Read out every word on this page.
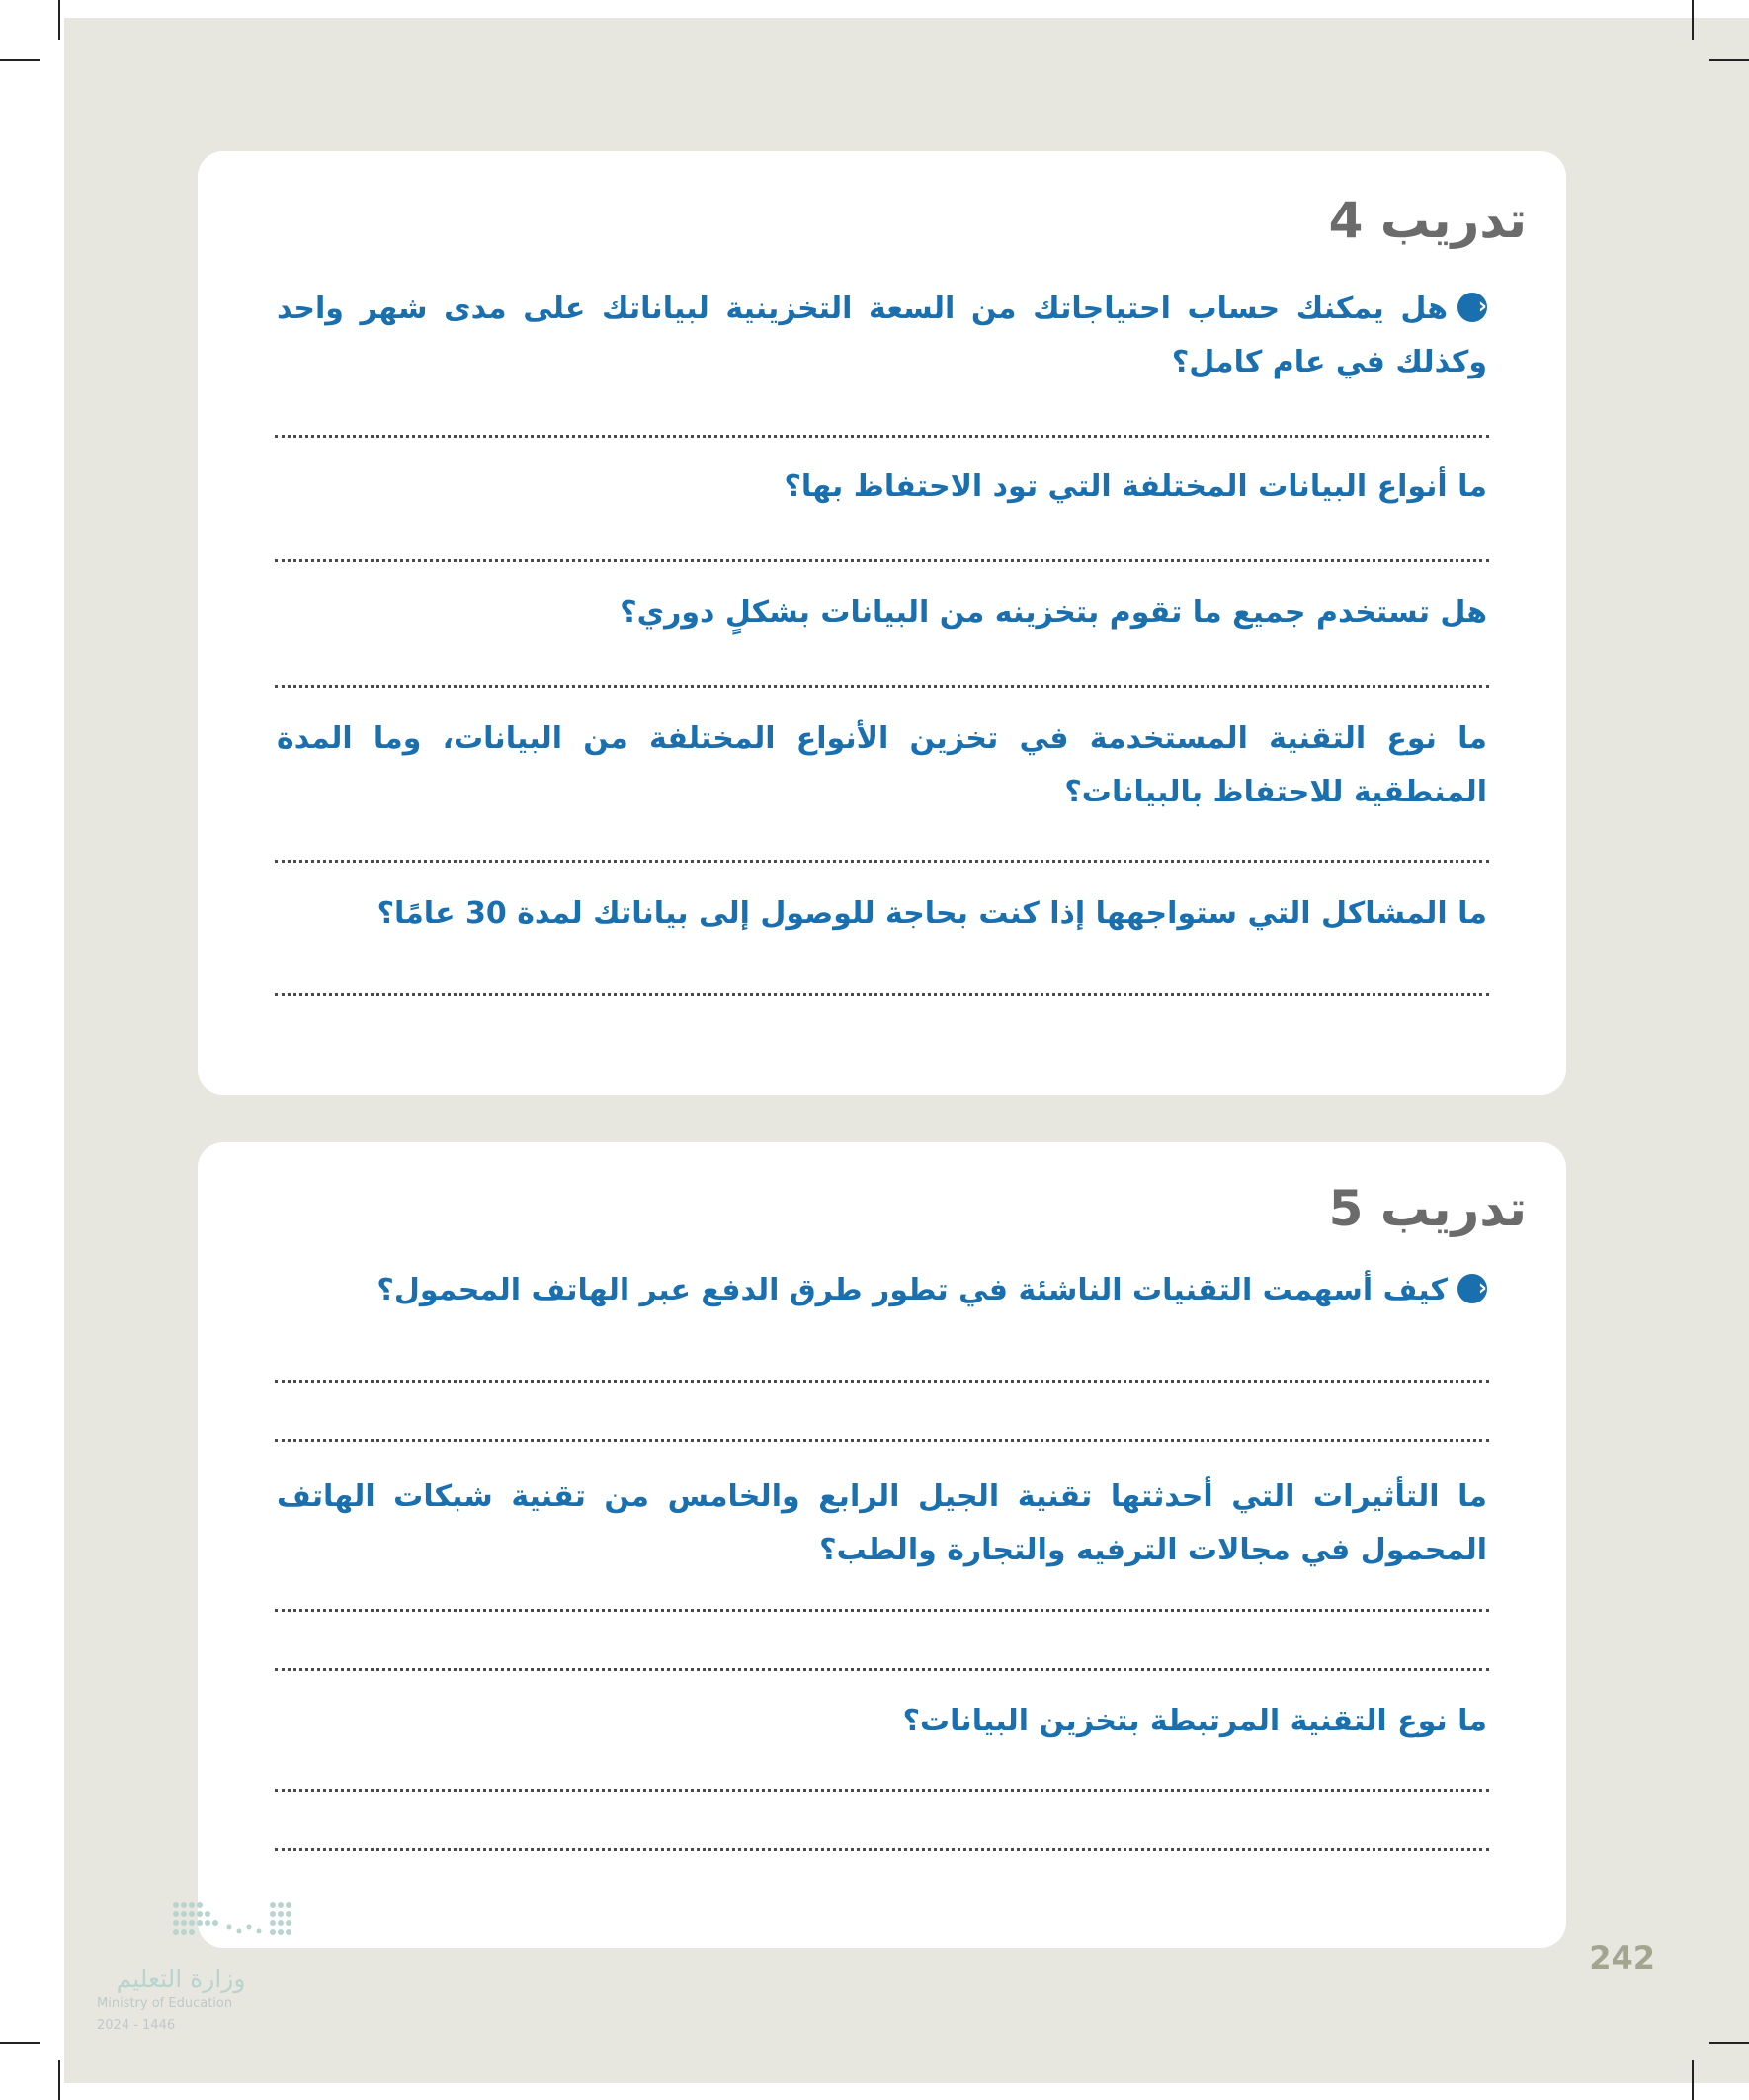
تدريب 4

‹هل يمكنك حساب احتياجاتك من السعة التخزينية لبياناتك على مدى شهر واحد وكذلك في عام كامل؟

ما أنواع البيانات المختلفة التي تود الاحتفاظ بها؟

هل تستخدم جميع ما تقوم بتخزينه من البيانات بشكلٍ دوري؟

ما نوع التقنية المستخدمة في تخزين الأنواع المختلفة من البيانات، وما المدة المنطقية للاحتفاظ بالبيانات؟

ما المشاكل التي ستواجهها إذا كنت بحاجة للوصول إلى بياناتك لمدة 30 عامًا؟

تدريب 5

‹كيف أسهمت التقنيات الناشئة في تطور طرق الدفع عبر الهاتف المحمول؟

ما التأثيرات التي أحدثتها تقنية الجيل الرابع والخامس من تقنية شبكات الهاتف المحمول في مجالات الترفيه والتجارة والطب؟

ما نوع التقنية المرتبطة بتخزين البيانات؟

242
وزارة التعليم
Ministry of Education
2024 - 1446
